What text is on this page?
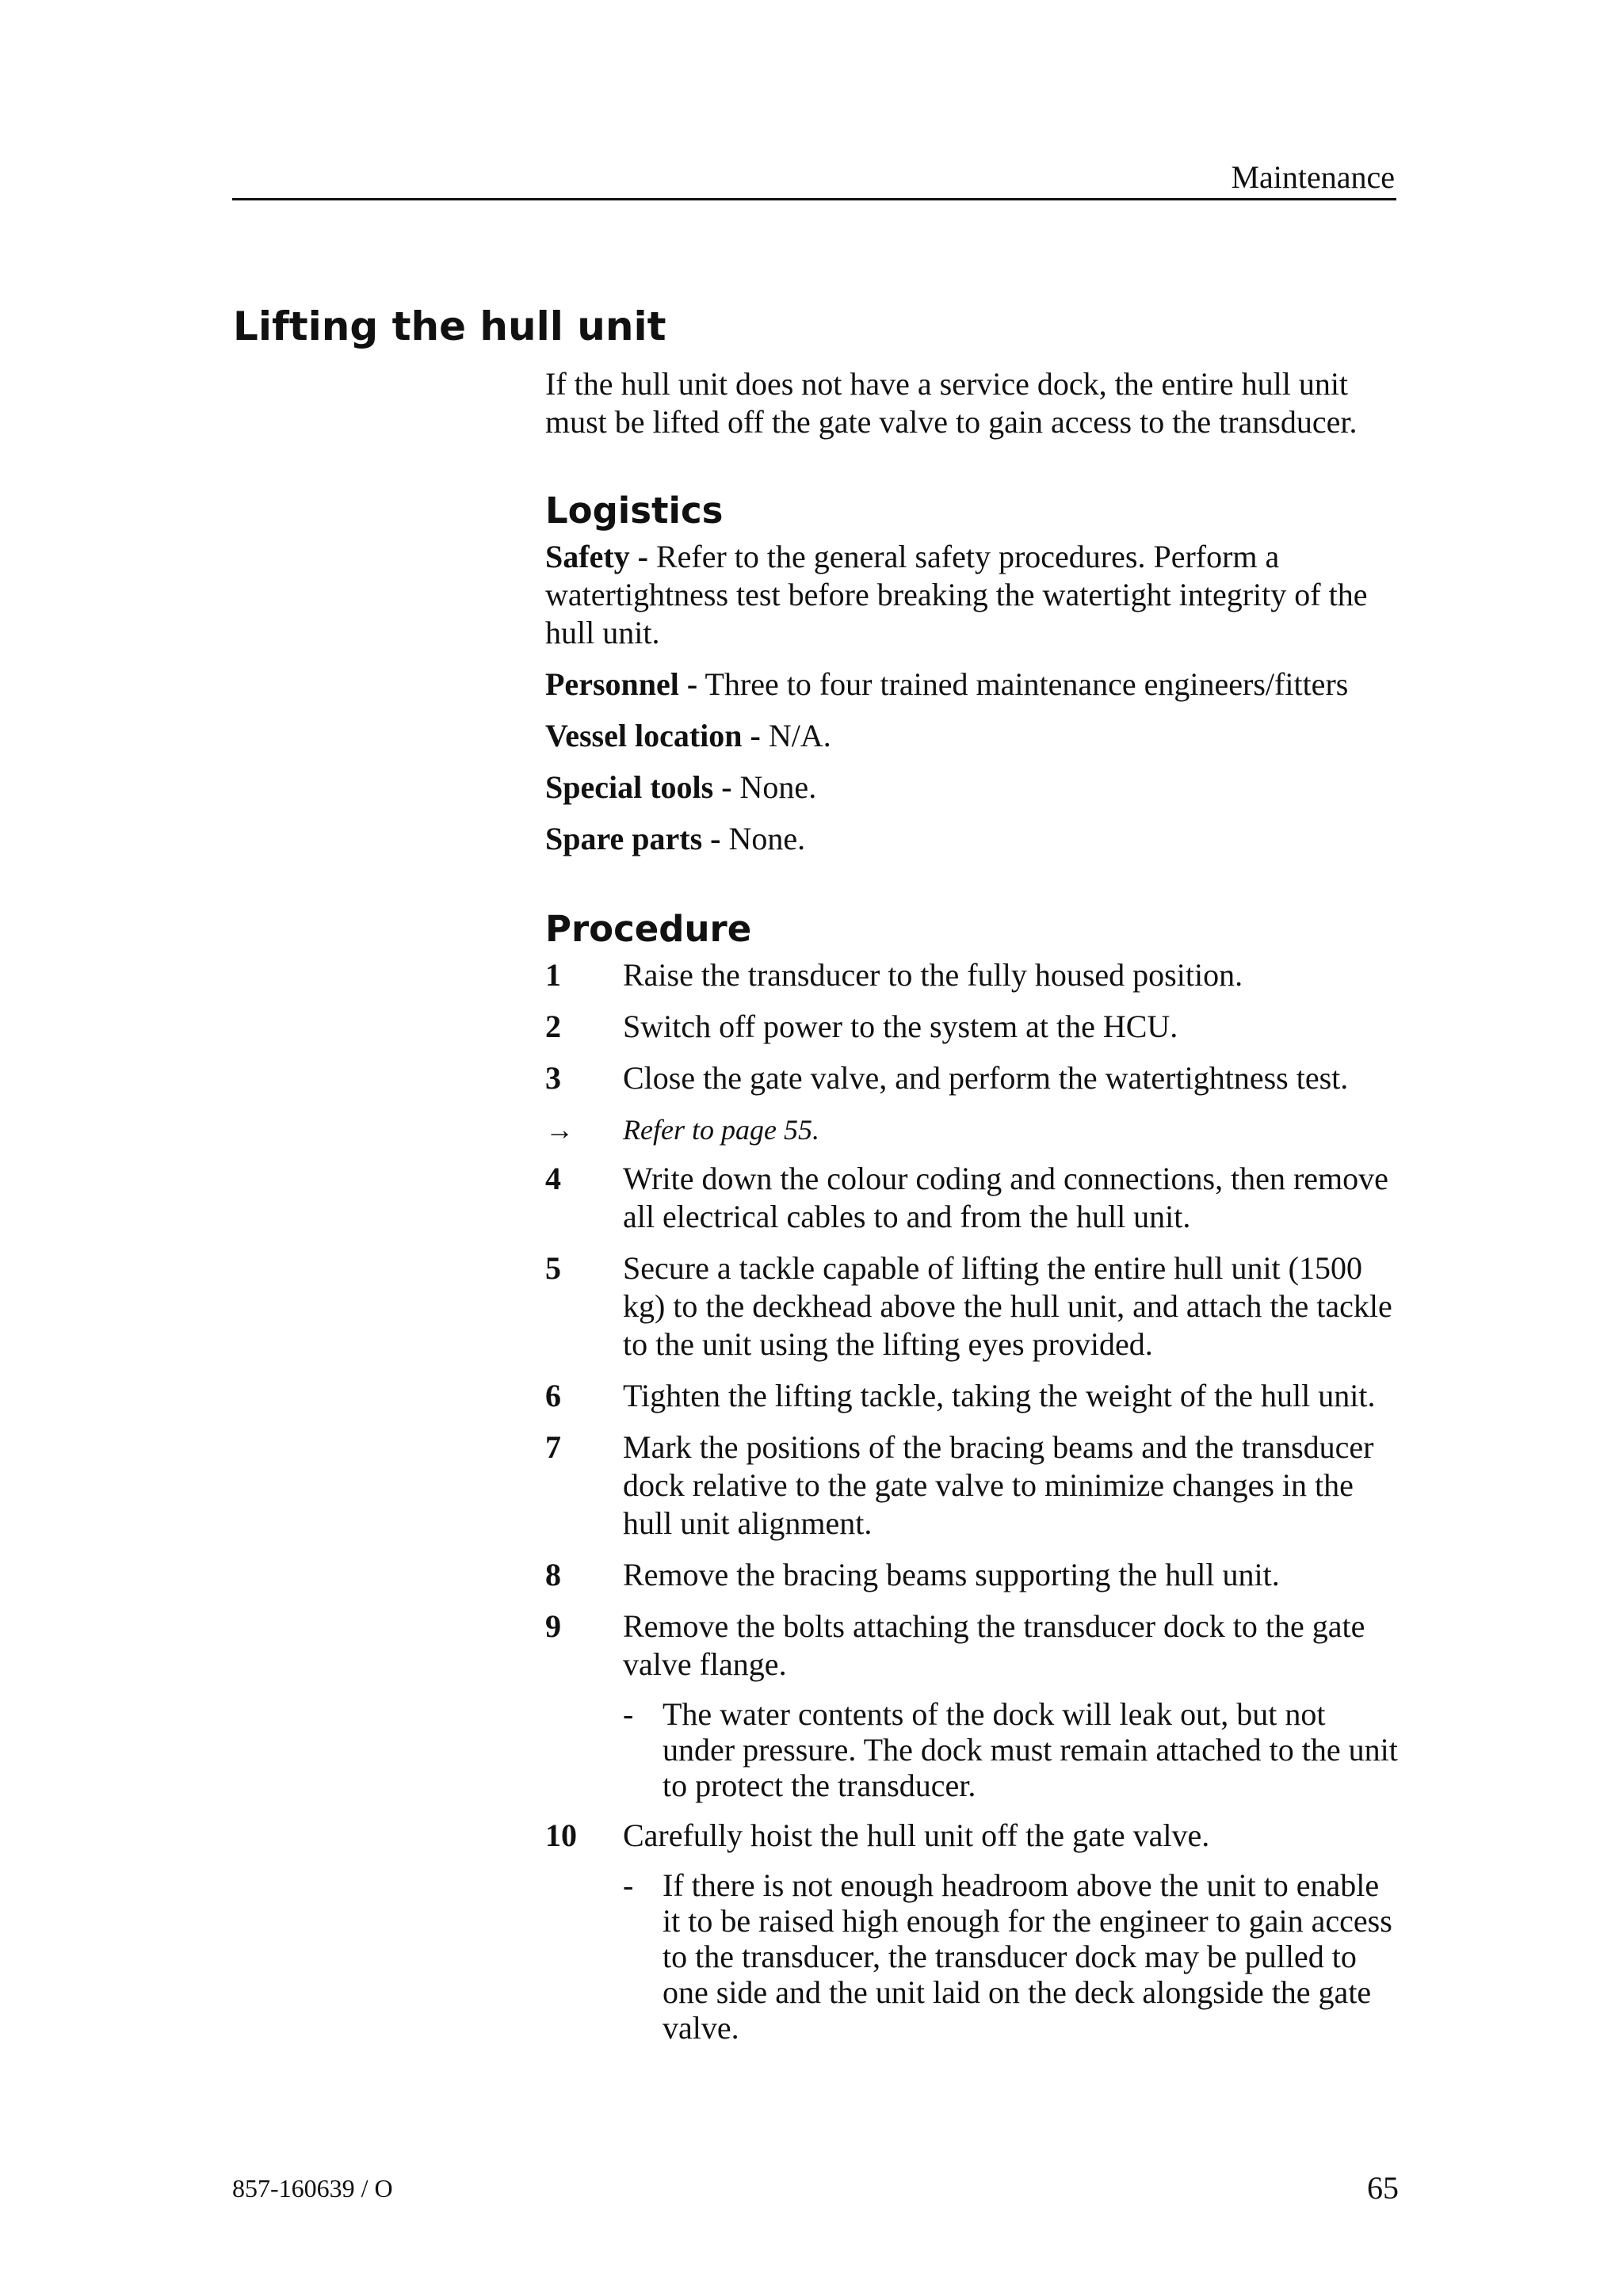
Maintenance
Lifting the hull unit

If the hull unit does not have a service dock, the entire hull unit must be lifted off the gate valve to gain access to the transducer.

Logistics

Safety - Refer to the general safety procedures. Perform a watertightness test before breaking the watertight integrity of the hull unit.

Personnel - Three to four trained maintenance engineers/fitters

Vessel location - N/A.

Special tools - None.

Spare parts - None.

Procedure
1 Raise the transducer to the fully housed position.
2 Switch off power to the system at the HCU.
3 Close the gate valve, and perform the watertightness test.
→ Refer to page 55.
4 Write down the colour coding and connections, then remove all electrical cables to and from the hull unit.
5 Secure a tackle capable of lifting the entire hull unit (1500 kg) to the deckhead above the hull unit, and attach the tackle to the unit using the lifting eyes provided.
6 Tighten the lifting tackle, taking the weight of the hull unit.
7 Mark the positions of the bracing beams and the transducer dock relative to the gate valve to minimize changes in the hull unit alignment.
8 Remove the bracing beams supporting the hull unit.
9 Remove the bolts attaching the transducer dock to the gate valve flange.
- The water contents of the dock will leak out, but not under pressure. The dock must remain attached to the unit to protect the transducer.
10 Carefully hoist the hull unit off the gate valve.
- If there is not enough headroom above the unit to enable it to be raised high enough for the engineer to gain access to the transducer, the transducer dock may be pulled to one side and the unit laid on the deck alongside the gate valve.
857-160639 / O	65
